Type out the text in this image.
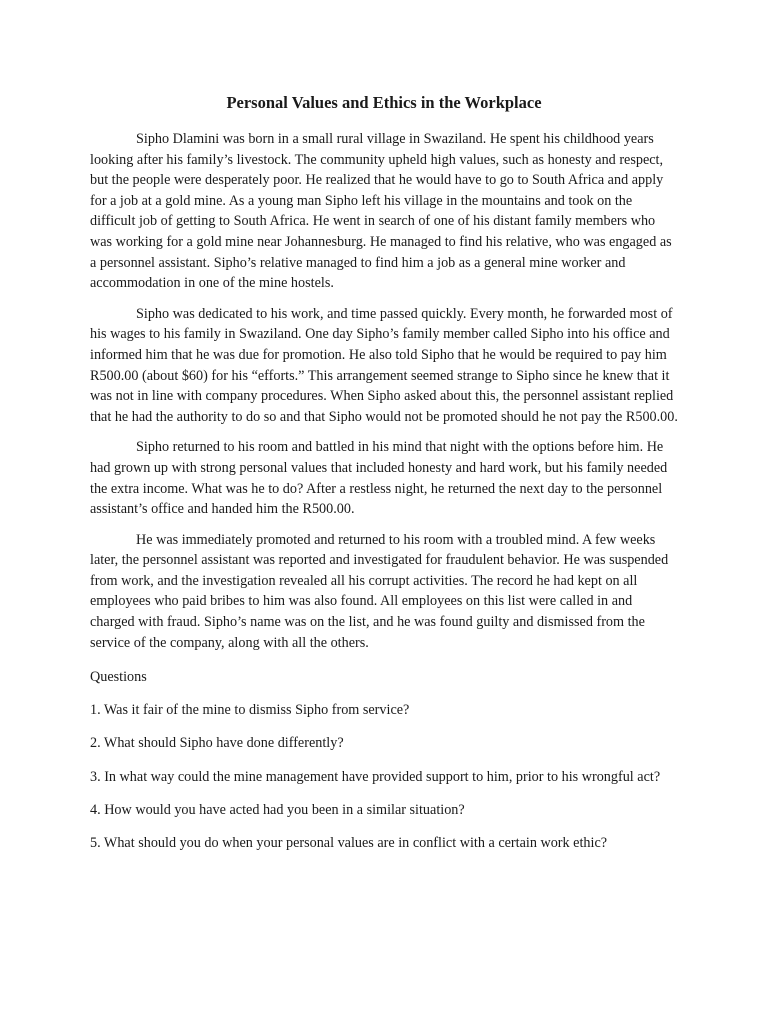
Personal Values and Ethics in the Workplace

Sipho Dlamini was born in a small rural village in Swaziland. He spent his childhood years looking after his family’s livestock. The community upheld high values, such as honesty and respect, but the people were desperately poor. He realized that he would have to go to South Africa and apply for a job at a gold mine. As a young man Sipho left his village in the mountains and took on the difficult job of getting to South Africa. He went in search of one of his distant family members who was working for a gold mine near Johannesburg. He managed to find his relative, who was engaged as a personnel assistant. Sipho’s relative managed to find him a job as a general mine worker and accommodation in one of the mine hostels.

Sipho was dedicated to his work, and time passed quickly. Every month, he forwarded most of his wages to his family in Swaziland. One day Sipho’s family member called Sipho into his office and informed him that he was due for promotion. He also told Sipho that he would be required to pay him R500.00 (about $60) for his “efforts.” This arrangement seemed strange to Sipho since he knew that it was not in line with company procedures. When Sipho asked about this, the personnel assistant replied that he had the authority to do so and that Sipho would not be promoted should he not pay the R500.00.

Sipho returned to his room and battled in his mind that night with the options before him. He had grown up with strong personal values that included honesty and hard work, but his family needed the extra income. What was he to do? After a restless night, he returned the next day to the personnel assistant’s office and handed him the R500.00.

He was immediately promoted and returned to his room with a troubled mind. A few weeks later, the personnel assistant was reported and investigated for fraudulent behavior. He was suspended from work, and the investigation revealed all his corrupt activities. The record he had kept on all employees who paid bribes to him was also found. All employees on this list were called in and charged with fraud. Sipho’s name was on the list, and he was found guilty and dismissed from the service of the company, along with all the others.

Questions

1. Was it fair of the mine to dismiss Sipho from service?

2. What should Sipho have done differently?

3. In what way could the mine management have provided support to him, prior to his wrongful act?

4. How would you have acted had you been in a similar situation?

5. What should you do when your personal values are in conflict with a certain work ethic?
